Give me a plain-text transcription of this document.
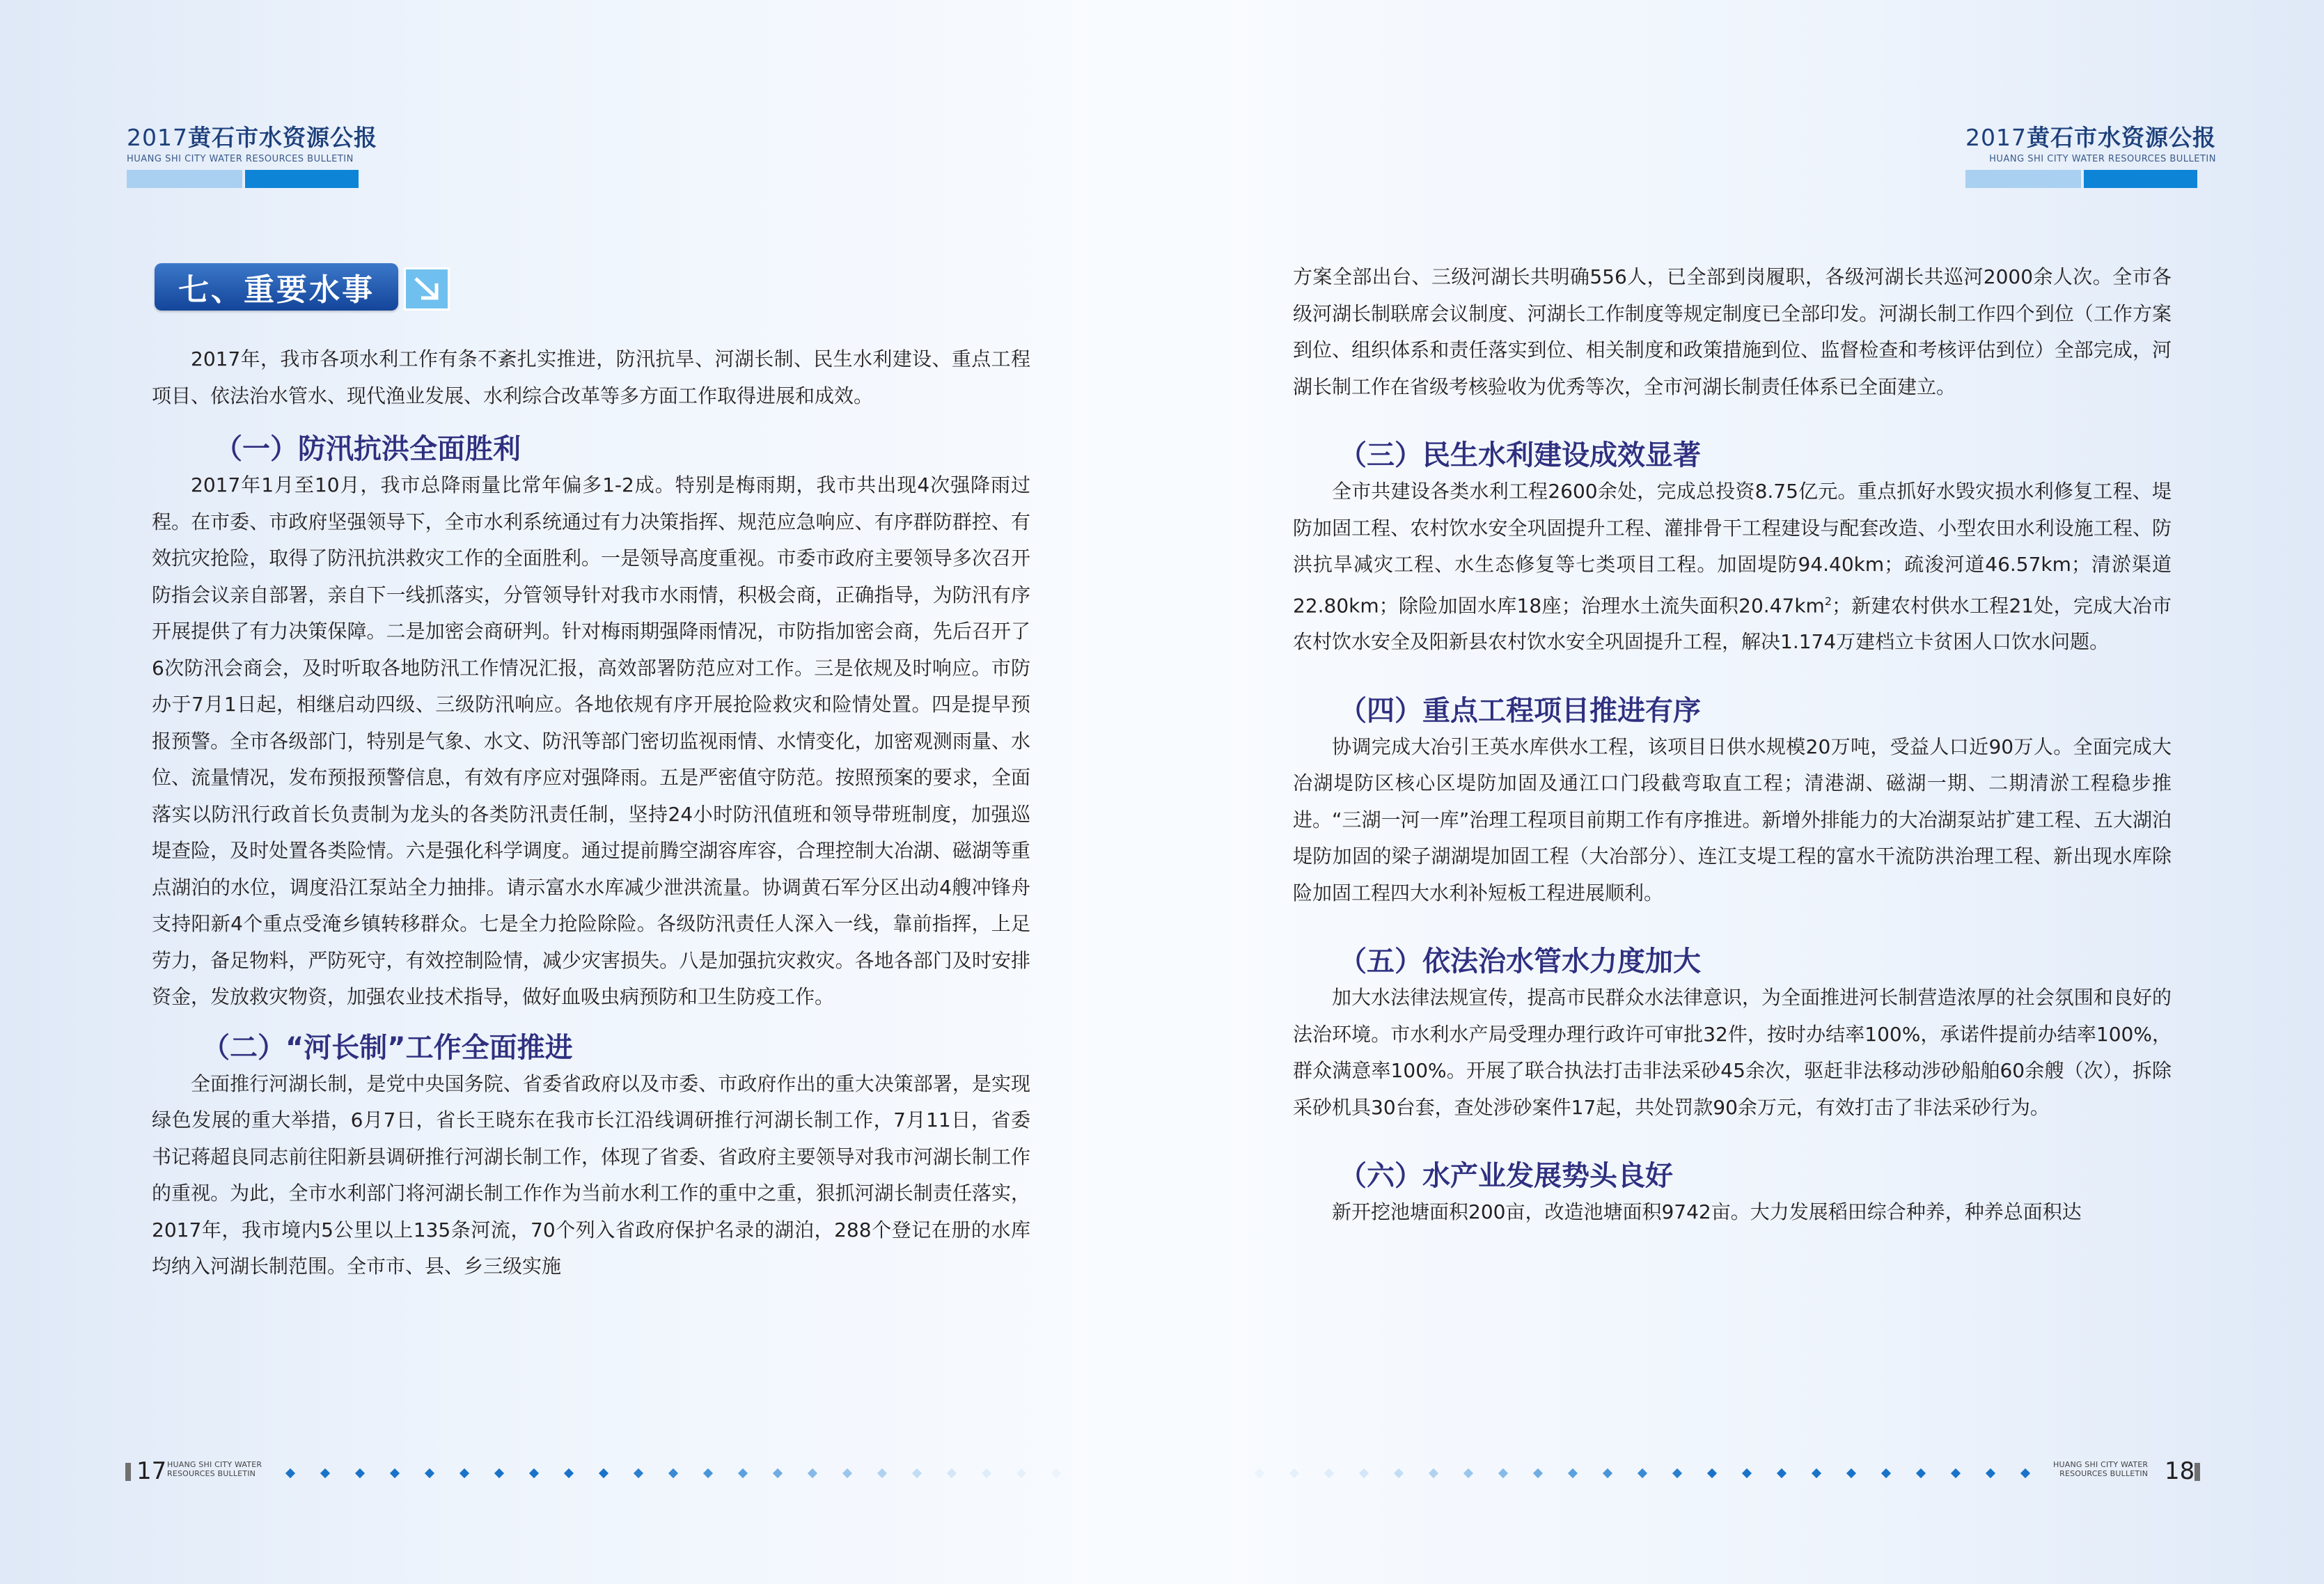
2017黄石市水资源公报
HUANG SHI CITY WATER RESOURCES BULLETIN
七、重要水事

2017年，我市各项水利工作有条不紊扎实推进，防汛抗旱、河湖长制、民生水利建设、重点工程项目、依法治水管水、现代渔业发展、水利综合改革等多方面工作取得进展和成效。

（一）防汛抗洪全面胜利

2017年1月至10月，我市总降雨量比常年偏多1-2成。特别是梅雨期，我市共出现4次强降雨过程。在市委、市政府坚强领导下，全市水利系统通过有力决策指挥、规范应急响应、有序群防群控、有效抗灾抢险，取得了防汛抗洪救灾工作的全面胜利。一是领导高度重视。市委市政府主要领导多次召开防指会议亲自部署，亲自下一线抓落实，分管领导针对我市水雨情，积极会商，正确指导，为防汛有序开展提供了有力决策保障。二是加密会商研判。针对梅雨期强降雨情况，市防指加密会商，先后召开了6次防汛会商会，及时听取各地防汛工作情况汇报，高效部署防范应对工作。三是依规及时响应。市防办于7月1日起，相继启动四级、三级防汛响应。各地依规有序开展抢险救灾和险情处置。四是提早预报预警。全市各级部门，特别是气象、水文、防汛等部门密切监视雨情、水情变化，加密观测雨量、水位、流量情况，发布预报预警信息，有效有序应对强降雨。五是严密值守防范。按照预案的要求，全面落实以防汛行政首长负责制为龙头的各类防汛责任制，坚持24小时防汛值班和领导带班制度，加强巡堤查险，及时处置各类险情。六是强化科学调度。通过提前腾空湖容库容，合理控制大冶湖、磁湖等重点湖泊的水位，调度沿江泵站全力抽排。请示富水水库减少泄洪流量。协调黄石军分区出动4艘冲锋舟支持阳新4个重点受淹乡镇转移群众。七是全力抢险除险。各级防汛责任人深入一线，靠前指挥，上足劳力，备足物料，严防死守，有效控制险情，减少灾害损失。八是加强抗灾救灾。各地各部门及时安排资金，发放救灾物资，加强农业技术指导，做好血吸虫病预防和卫生防疫工作。

（二）“河长制”工作全面推进

全面推行河湖长制，是党中央国务院、省委省政府以及市委、市政府作出的重大决策部署，是实现绿色发展的重大举措，6月7日，省长王晓东在我市长江沿线调研推行河湖长制工作，7月11日，省委书记蒋超良同志前往阳新县调研推行河湖长制工作，体现了省委、省政府主要领导对我市河湖长制工作的重视。为此，全市水利部门将河湖长制工作作为当前水利工作的重中之重，狠抓河湖长制责任落实，2017年，我市境内5公里以上135条河流，70个列入省政府保护名录的湖泊，288个登记在册的水库均纳入河湖长制范围。全市市、县、乡三级实施

17 HUANG SHI CITY WATER
RESOURCES BULLETIN
2017黄石市水资源公报
HUANG SHI CITY WATER RESOURCES BULLETIN

方案全部出台、三级河湖长共明确556人，已全部到岗履职，各级河湖长共巡河2000余人次。全市各级河湖长制联席会议制度、河湖长工作制度等规定制度已全部印发。河湖长制工作四个到位（工作方案到位、组织体系和责任落实到位、相关制度和政策措施到位、监督检查和考核评估到位）全部完成，河湖长制工作在省级考核验收为优秀等次，全市河湖长制责任体系已全面建立。

（三）民生水利建设成效显著

全市共建设各类水利工程2600余处，完成总投资8.75亿元。重点抓好水毁灾损水利修复工程、堤防加固工程、农村饮水安全巩固提升工程、灌排骨干工程建设与配套改造、小型农田水利设施工程、防洪抗旱减灾工程、水生态修复等七类项目工程。加固堤防94.40km；疏浚河道46.57km；清淤渠道22.80km；除险加固水库18座；治理水土流失面积$20.47km^2$；新建农村供水工程21处，完成大冶市农村饮水安全及阳新县农村饮水安全巩固提升工程，解决1.174万建档立卡贫困人口饮水问题。

（四）重点工程项目推进有序

协调完成大冶引王英水库供水工程，该项目日供水规模20万吨，受益人口近90万人。全面完成大冶湖堤防区核心区堤防加固及通江口门段截弯取直工程；清港湖、磁湖一期、二期清淤工程稳步推进。“三湖一河一库”治理工程项目前期工作有序推进。新增外排能力的大冶湖泵站扩建工程、五大湖泊堤防加固的梁子湖湖堤加固工程（大冶部分）、连江支堤工程的富水干流防洪治理工程、新出现水库除险加固工程四大水利补短板工程进展顺利。

（五）依法治水管水力度加大

加大水法律法规宣传，提高市民群众水法律意识，为全面推进河长制营造浓厚的社会氛围和良好的法治环境。市水利水产局受理办理行政许可审批32件，按时办结率100%，承诺件提前办结率100%，群众满意率100%。开展了联合执法打击非法采砂45余次，驱赶非法移动涉砂船舶60余艘（次），拆除采砂机具30台套，查处涉砂案件17起，共处罚款90余万元，有效打击了非法采砂行为。

（六）水产业发展势头良好

新开挖池塘面积200亩，改造池塘面积9742亩。大力发展稻田综合种养，种养总面积达

HUANG SHI CITY WATER
RESOURCES BULLETIN 18
